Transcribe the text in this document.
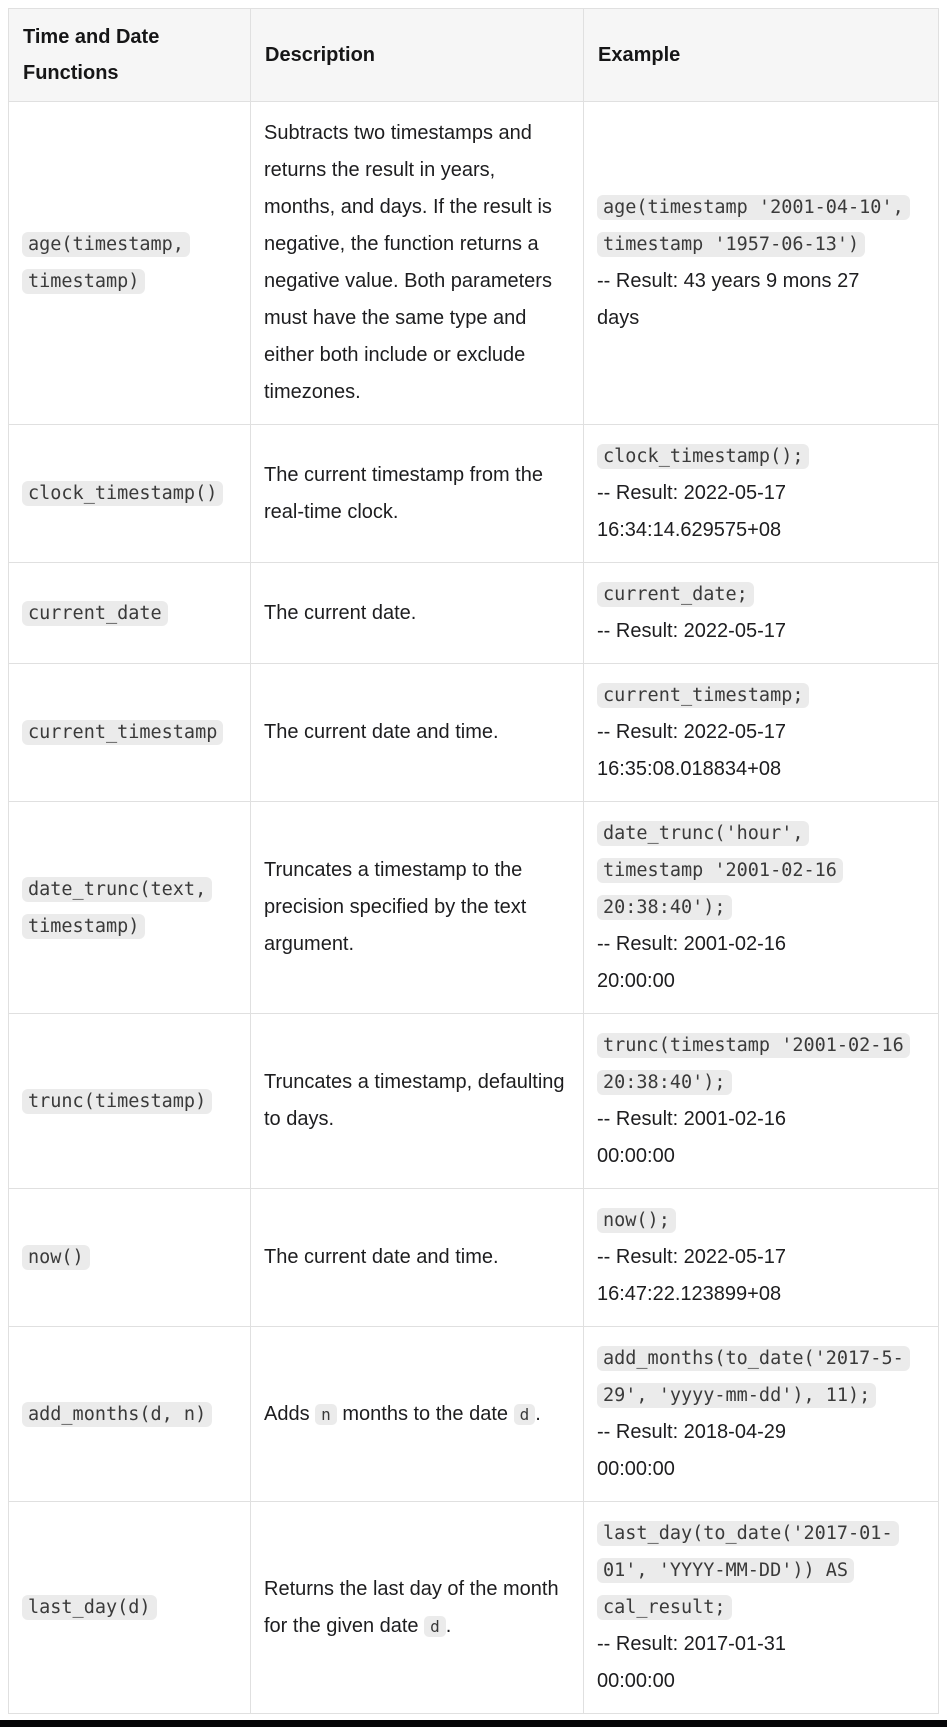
Time and Date Functions	Description	Example

age(timestamp, timestamp)	Subtracts two timestamps and returns the result in years, months, and days. If the result is negative, the function returns a negative value. Both parameters must have the same type and either both include or exclude timezones.	age(timestamp '2001-04-10', timestamp '1957-06-13')
-- Result: 43 years 9 mons 27 days

clock_timestamp()	The current timestamp from the real-time clock.	clock_timestamp();
-- Result: 2022-05-17 16:34:14.629575+08

current_date	The current date.	current_date;
-- Result: 2022-05-17

current_timestamp	The current date and time.	current_timestamp;
-- Result: 2022-05-17 16:35:08.018834+08

date_trunc(text, timestamp)	Truncates a timestamp to the precision specified by the text argument.	date_trunc('hour', timestamp '2001-02-16 20:38:40');
-- Result: 2001-02-16 20:00:00

trunc(timestamp)	Truncates a timestamp, defaulting to days.	trunc(timestamp '2001-02-16 20:38:40');
-- Result: 2001-02-16 00:00:00

now()	The current date and time.	now();
-- Result: 2022-05-17 16:47:22.123899+08

add_months(d, n)	Adds n months to the date d .	add_months(to_date('2017-5-29', 'yyyy-mm-dd'), 11);
-- Result: 2018-04-29 00:00:00

last_day(d)	Returns the last day of the month for the given date d .	last_day(to_date('2017-01-01', 'YYYY-MM-DD')) AS cal_result;
-- Result: 2017-01-31 00:00:00
